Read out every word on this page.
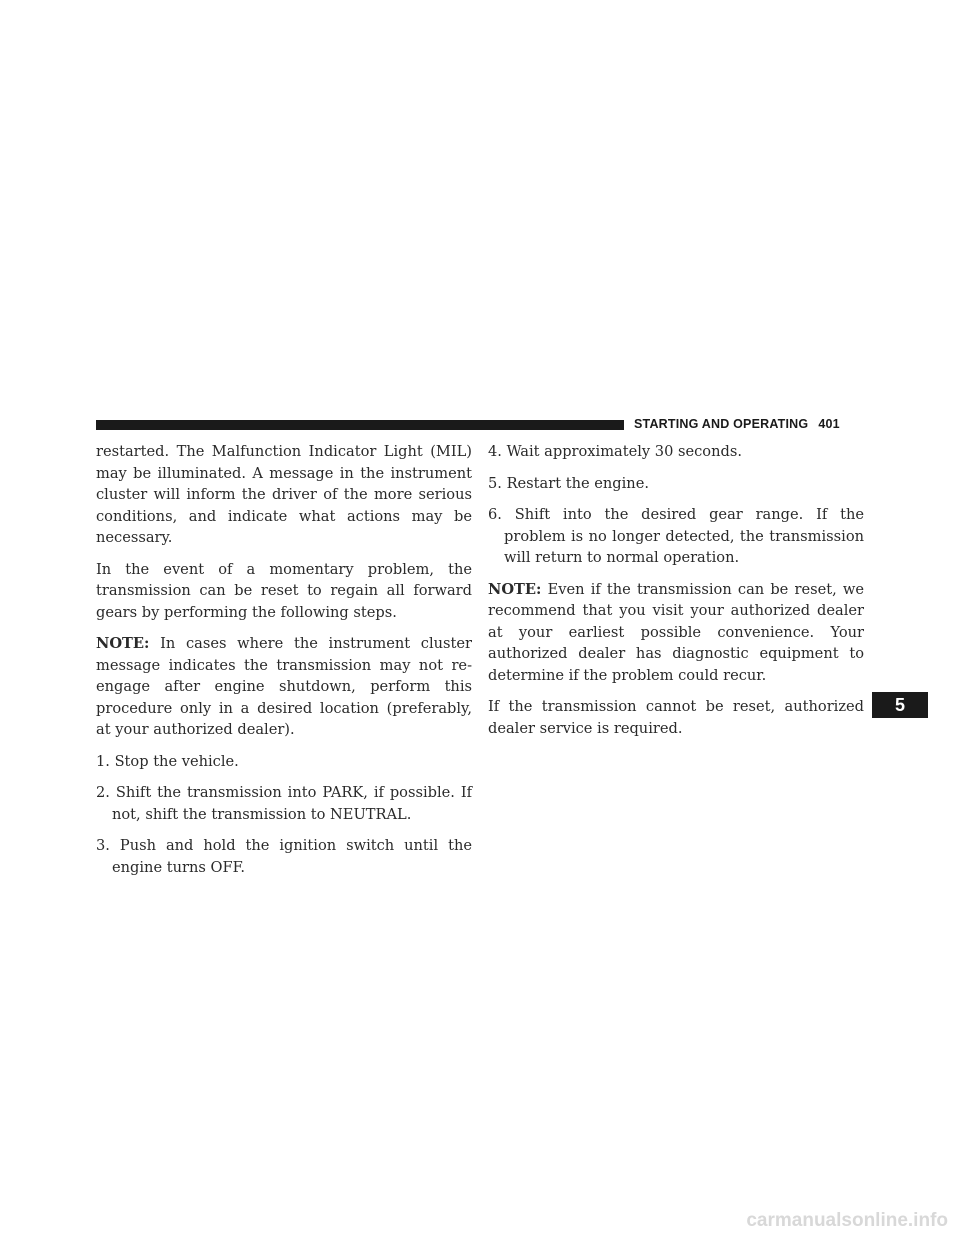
STARTING AND OPERATING 401

restarted. The Malfunction Indicator Light (MIL) may be illuminated. A message in the instrument cluster will inform the driver of the more serious conditions, and indicate what actions may be necessary.

In the event of a momentary problem, the transmission can be reset to regain all forward gears by performing the following steps.

NOTE: In cases where the instrument cluster message indicates the transmission may not re-engage after engine shutdown, perform this procedure only in a desired location (preferably, at your authorized dealer).

1. Stop the vehicle.

2. Shift the transmission into PARK, if possible. If not, shift the transmission to NEUTRAL.

3. Push and hold the ignition switch until the engine turns OFF.

4. Wait approximately 30 seconds.

5. Restart the engine.

6. Shift into the desired gear range. If the problem is no longer detected, the transmission will return to normal operation.

NOTE: Even if the transmission can be reset, we recommend that you visit your authorized dealer at your earliest possible convenience. Your authorized dealer has diagnostic equipment to determine if the problem could recur.

If the transmission cannot be reset, authorized dealer service is required.

5
carmanualsonline.info
